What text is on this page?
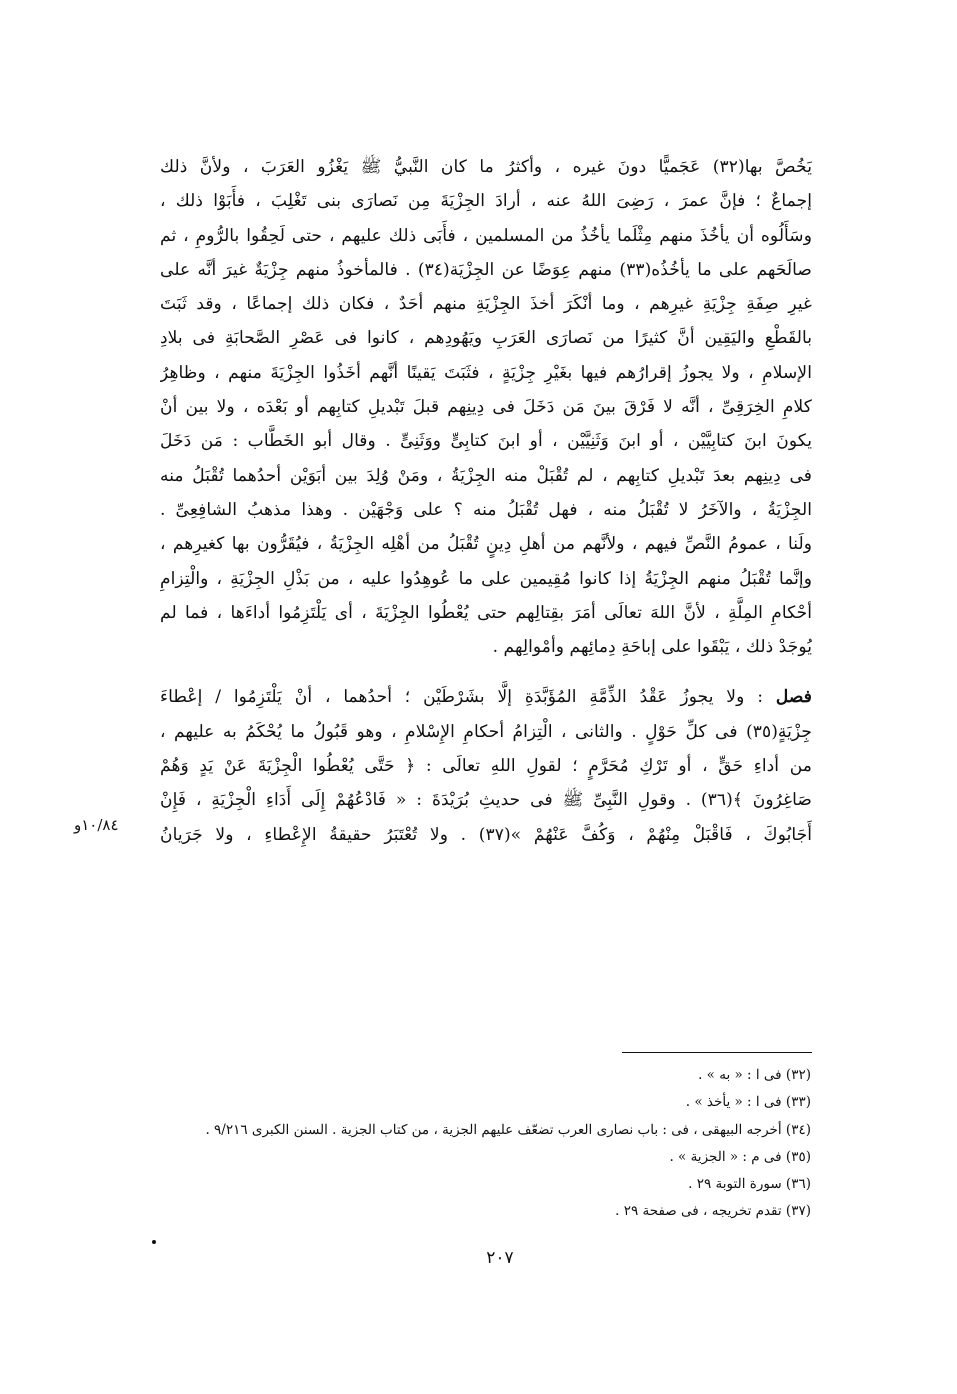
يَخُصَّ بها(٣٢) عَجَميًّا دونَ غيره ، وأكثرُ ما كان النَّبيُّ ﷺ يَغْزُو العَرَبَ ، ولأنَّ ذلك
إجماعٌ ؛ فإنَّ عمرَ ، رَضِىَ اللهُ عنه ، أرادَ الجِزْيَةَ مِن نَصارَى بنى تَغْلِبَ ، فأَبَوْا ذلك ،
وسَأَلُوه أن يأخُذَ منهم مِثْلَما يأخُذُ من المسلمين ، فأَبَى ذلك عليهم ، حتى لَحِقُوا بالرُّومِ ، ثم
صالَحَهم على ما يأخُذُه(٣٣) منهم عِوَضًا عن الجِزْيَة(٣٤) . فالمأخوذُ منهم جِزْيَةٌ غيرَ أنَّه على
غيرِ صِفَةِ جِزْيَةِ غيرِهم ، وما أنْكَرَ أخذَ الجِزْيَةِ منهم أحَدٌ ، فكان ذلك إجماعًا ، وقد ثَبَتَ
بالقَطْعِ واليَقِين أنَّ كثيرًا من نَصارَى العَرَبِ ويَهُودِهم ، كانوا فى عَصْرِ الصَّحابَةِ فى بلادِ
الإسلامِ ، ولا يجوزُ إقرارُهم فيها بغَيْرِ جِزْيَةٍ ، فثَبَتَ يَقينًا أنَّهم أخَذُوا الجِزْيَةَ منهم ، وظاهِرُ
كلامِ الخِرَقِىِّ ، أنَّه لا فَرْقَ بينَ مَن دَخَلَ فى دِينِهم قبلَ تَبْديلِ كتابِهم أو بَعْدَه ، ولا بين أنْ
يكونَ ابنَ كتابِيَّيْن ، أو ابنَ وَثَنِيَّيْن ، أو ابنَ كتابِىٍّ ووَثَنِىٍّ . وقال أبو الخَطَّاب : مَن دَخَلَ
فى دِينِهم بعدَ تَبْديلِ كتابِهم ، لم تُقْبَلْ منه الجِزْيَةُ ، ومَنْ وُلِدَ بين أبَوَيْن أحدُهما تُقْبَلُ منه
الجِزْيَةُ ، والآخَرُ لا تُقْبَلُ منه ، فهل تُقْبَلُ منه ؟ على وَجْهَيْن . وهذا مذهبُ الشافِعِىِّ .
ولَنا ، عمومُ النَّصِّ فيهم ، ولأنَّهم من أهلِ دِينٍ تُقْبَلُ من أهْلِه الجِزْيَةُ ، فيُقَرُّون بها كغيرِهم ،
وإنَّما تُقْبَلُ منهم الجِزْيَةُ إذا كانوا مُقِيمين على ما عُوهِدُوا عليه ، من بَذْلِ الجِزْيَةِ ، والْتِزامِ
أحْكامِ المِلَّةِ ، لأنَّ اللهَ تعالَى أمَرَ بقِتالِهم حتى يُعْطُوا الجِزْيَةَ ، أى يَلْتَزِمُوا أداءَها ، فما لم
يُوجَدْ ذلك ، يَبْقَوا على إباحَةِ دِمائِهم وأمْوالِهم .
فصل : ولا يجوزُ عَقْدُ الذِّمَّةِ المُؤَبَّدَةِ إلَّا بشَرْطَيْن ؛ أحدُهما ، أنْ يَلْتَزِمُوا / إعْطاءَ
جِزْيَةٍ(٣٥) فى كلِّ حَوْلٍ . والثانى ، الْتِزامُ أحكامِ الإِسْلامِ ، وهو قَبُولُ ما يُحْكَمُ به عليهم ،
من أداءِ حَقٍّ ، أو تَرْكِ مُحَرَّمٍ ؛ لقولِ اللهِ تعالَى : ﴿ حَتَّى يُعْطُوا الْجِزْيَةَ عَنْ يَدٍ وَهُمْ
صَاغِرُونَ ﴾(٣٦) . وقولِ النَّبِىِّ ﷺ فى حديثِ بُرَيْدَةَ : « فَادْعُهُمْ إِلَى أَدَاءِ الْجِزْيَةِ ، فَإِنْ
أَجَابُوكَ ، فَاقْبَلْ مِنْهُمْ ، وَكُفَّ عَنْهُمْ »(٣٧) . ولا تُعْتَبَرُ حقيقةُ الإِعْطاءِ ، ولا جَرَيانُ
١٠/٨٤و
(٣٢) فى ا : « به » .
(٣٣) فى ا : « يأخذ » .
(٣٤) أخرجه البيهقى ، فى : باب نصارى العرب تضعّف عليهم الجزية ، من كتاب الجزية . السنن الكبرى ٩/٢١٦ .
(٣٥) فى م : « الجزية » .
(٣٦) سورة التوبة ٢٩ .
(٣٧) تقدم تخريجه ، فى صفحة ٢٩ .
٢٠٧
